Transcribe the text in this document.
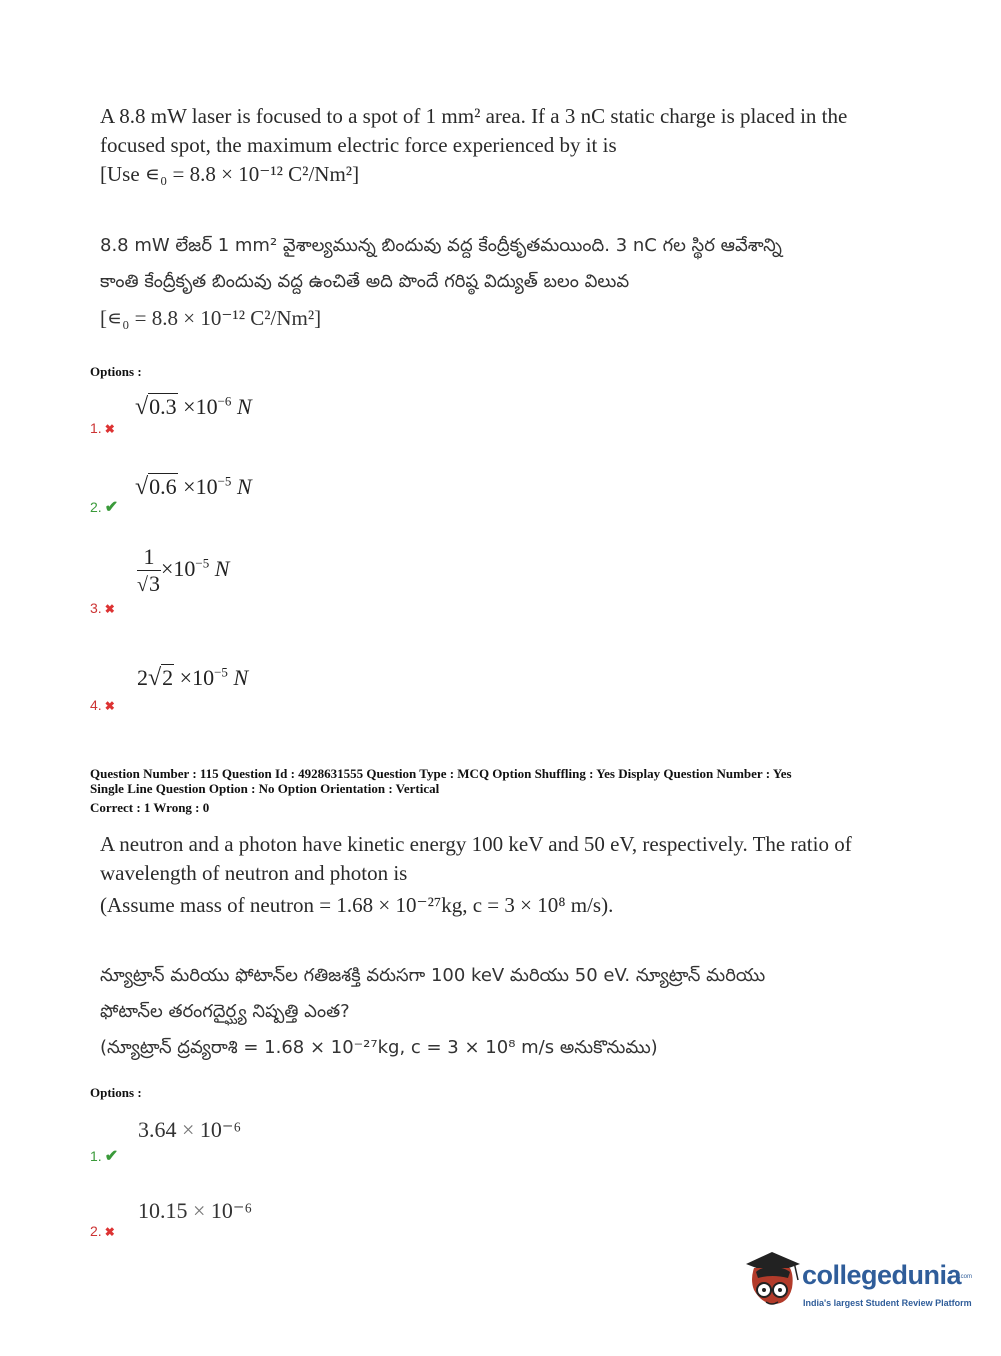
A 8.8 mW laser is focused to a spot of 1 mm² area. If a 3 nC static charge is placed in the

focused spot, the maximum electric force experienced by it is

[Use ∊₀ = 8.8 × 10⁻¹² C²/Nm²]

8.8 mW లేజర్ 1 mm² వైశాల్యమున్న బిందువు వద్ద కేంద్రీకృతమయింది. 3 nC గల స్థిర ఆవేశాన్ని

కాంతి కేంద్రీకృత బిందువు వద్ద ఉంచితే అది పొందే గరిష్ఠ విద్యుత్ బలం విలువ

[∊₀ = 8.8 × 10⁻¹² C²/Nm²]

Options :
1. ✖
$√0.3 \times 10^{-6}$ N
2. ✔
$√0.6 \times 10^{-5}$ N
3. ✖
$\frac{1}{√3} \times 10^{-5}$ N
4. ✖
$2√2 \times 10^{-5}$ N
Question Number : 115 Question Id : 4928631555 Question Type : MCQ Option Shuffling : Yes Display Question Number : Yes
Single Line Question Option : No Option Orientation : Vertical
Correct : 1 Wrong : 0

A neutron and a photon have kinetic energy 100 keV and 50 eV, respectively. The ratio of

wavelength of neutron and photon is

(Assume mass of neutron = 1.68 × 10⁻²⁷kg, c = 3 × 10⁸ m/s).

న్యూట్రాన్ మరియు ఫోటాన్‌ల గతిజశక్తి వరుసగా 100 keV మరియు 50 eV. న్యూట్రాన్ మరియు

ఫోటాన్‌ల తరంగదైర్ఘ్య నిష్పత్తి ఎంత?

(న్యూట్రాన్ ద్రవ్యరాశి = 1.68 × 10⁻²⁷kg, c = 3 × 10⁸ m/s అనుకొనుము)

Options :
1. ✔
3.64 × 10⁻⁶
2. ✖
10.15 × 10⁻⁶
collegedunia
.com
India's largest Student Review Platform
